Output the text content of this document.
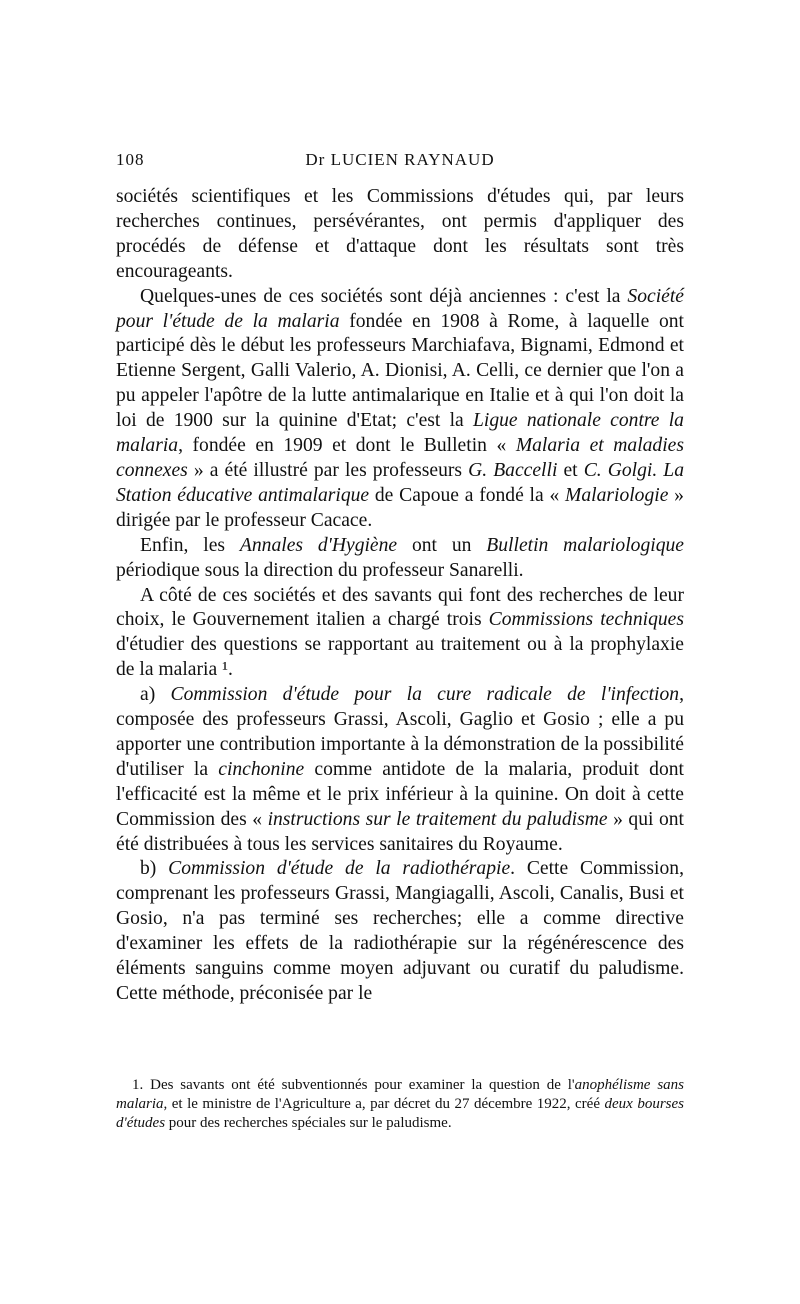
108	Dr LUCIEN RAYNAUD

sociétés scientifiques et les Commissions d'études qui, par leurs recherches continues, persévérantes, ont permis d'appliquer des procédés de défense et d'attaque dont les résultats sont très encourageants.

Quelques-unes de ces sociétés sont déjà anciennes : c'est la Société pour l'étude de la malaria fondée en 1908 à Rome, à laquelle ont participé dès le début les professeurs Marchiafava, Bignami, Edmond et Etienne Sergent, Galli Valerio, A. Dionisi, A. Celli, ce dernier que l'on a pu appeler l'apôtre de la lutte antimalarique en Italie et à qui l'on doit la loi de 1900 sur la quinine d'Etat; c'est la Ligue nationale contre la malaria, fondée en 1909 et dont le Bulletin « Malaria et maladies connexes » a été illustré par les professeurs G. Baccelli et C. Golgi. La Station éducative antimalarique de Capoue a fondé la « Malariologie » dirigée par le professeur Cacace.

Enfin, les Annales d'Hygiène ont un Bulletin malariologique périodique sous la direction du professeur Sanarelli.

A côté de ces sociétés et des savants qui font des recherches de leur choix, le Gouvernement italien a chargé trois Commissions techniques d'étudier des questions se rapportant au traitement ou à la prophylaxie de la malaria ¹.

a) Commission d'étude pour la cure radicale de l'infection, composée des professeurs Grassi, Ascoli, Gaglio et Gosio ; elle a pu apporter une contribution importante à la démonstration de la possibilité d'utiliser la cinchonine comme antidote de la malaria, produit dont l'efficacité est la même et le prix inférieur à la quinine. On doit à cette Commission des « instructions sur le traitement du paludisme » qui ont été distribuées à tous les services sanitaires du Royaume.

b) Commission d'étude de la radiothérapie. Cette Commission, comprenant les professeurs Grassi, Mangiagalli, Ascoli, Canalis, Busi et Gosio, n'a pas terminé ses recherches; elle a comme directive d'examiner les effets de la radiothérapie sur la régénérescence des éléments sanguins comme moyen adjuvant ou curatif du paludisme. Cette méthode, préconisée par le

1. Des savants ont été subventionnés pour examiner la question de l'anophélisme sans malaria, et le ministre de l'Agriculture a, par décret du 27 décembre 1922, créé deux bourses d'études pour des recherches spéciales sur le paludisme.
